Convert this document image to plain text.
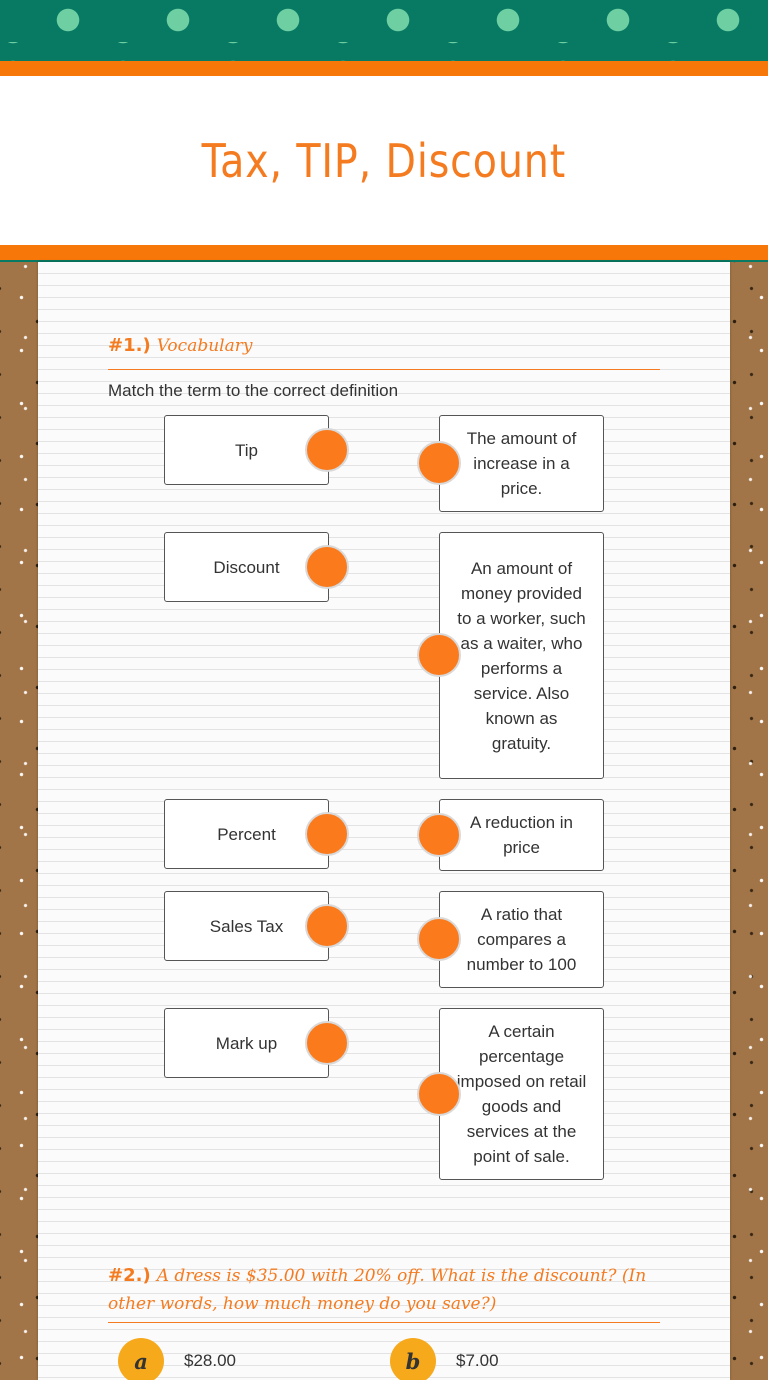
Tax, TIP, Discount
#1.) Vocabulary
Match the term to the correct definition
Tip
Discount
Percent
Sales Tax
Mark up
The amount of increase in a price.
An amount of money provided to a worker, such as a waiter, who performs a service. Also known as gratuity.
A reduction in price
A ratio that compares a number to 100
A certain percentage imposed on retail goods and services at the point of sale.
#2.) A dress is $35.00 with 20% off. What is the discount? (In other words, how much money do you save?)
a	$28.00	b	$7.00
